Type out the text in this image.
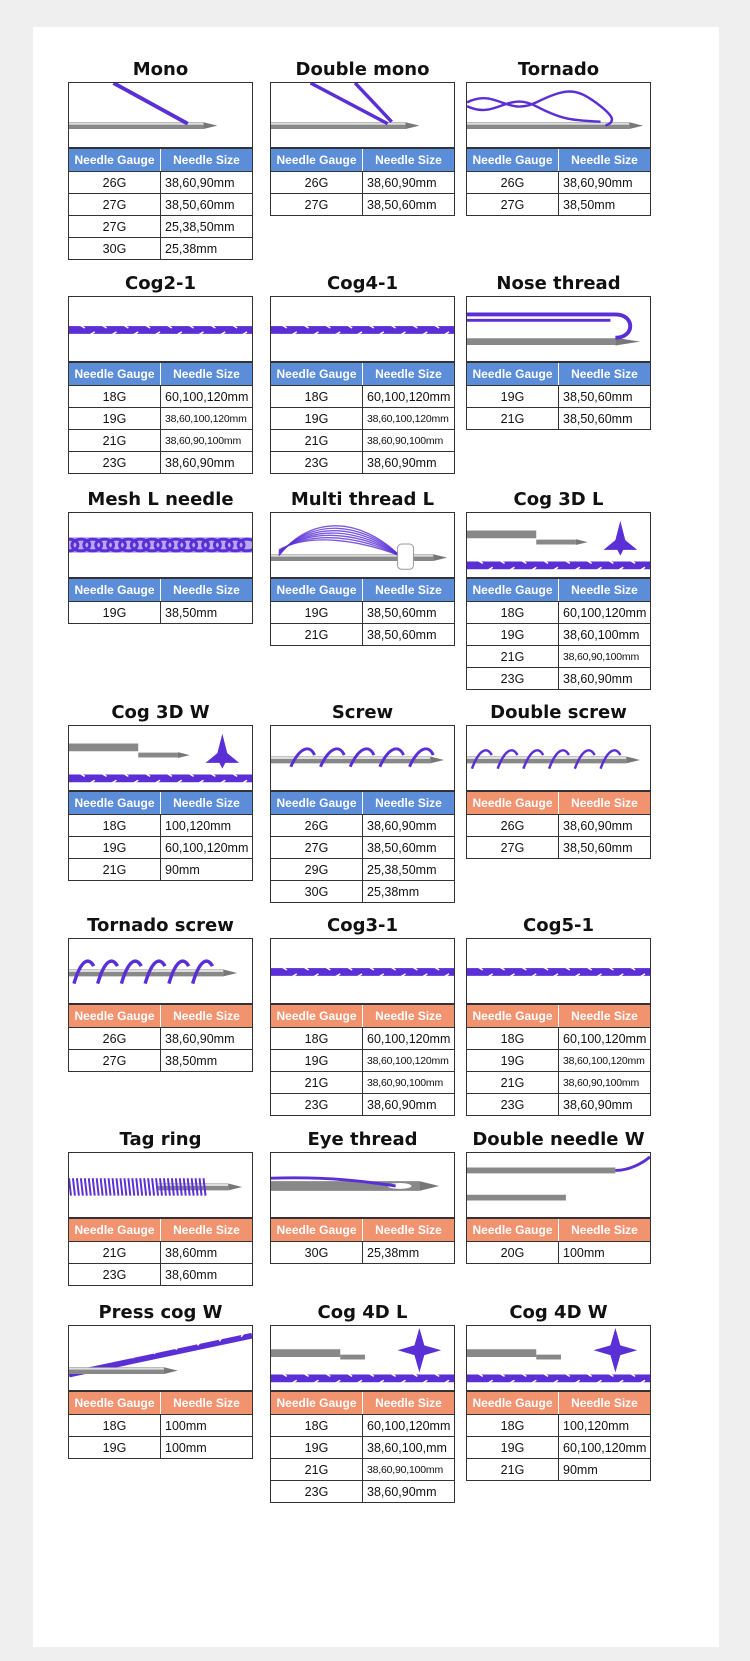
Mono
Needle Gauge	Needle Size
26G	38,60,90mm
27G	38,50,60mm
27G	25,38,50mm
30G	25,38mm
Double mono
Needle Gauge	Needle Size
26G	38,60,90mm
27G	38,50,60mm
Tornado
Needle Gauge	Needle Size
26G	38,60,90mm
27G	38,50mm
Cog2-1
Needle Gauge	Needle Size
18G	60,100,120mm
19G	38,60,100,120mm
21G	38,60,90,100mm
23G	38,60,90mm
Cog4-1
Needle Gauge	Needle Size
18G	60,100,120mm
19G	38,60,100,120mm
21G	38,60,90,100mm
23G	38,60,90mm
Nose thread
Needle Gauge	Needle Size
19G	38,50,60mm
21G	38,50,60mm
Mesh L needle
Needle Gauge	Needle Size
19G	38,50mm
Multi thread L
Needle Gauge	Needle Size
19G	38,50,60mm
21G	38,50,60mm
Cog 3D L
Needle Gauge	Needle Size
18G	60,100,120mm
19G	38,60,100mm
21G	38,60,90,100mm
23G	38,60,90mm
Cog 3D W
Needle Gauge	Needle Size
18G	100,120mm
19G	60,100,120mm
21G	90mm
Screw
Needle Gauge	Needle Size
26G	38,60,90mm
27G	38,50,60mm
29G	25,38,50mm
30G	25,38mm
Double screw
Needle Gauge	Needle Size
26G	38,60,90mm
27G	38,50,60mm
Tornado screw
Needle Gauge	Needle Size
26G	38,60,90mm
27G	38,50mm
Cog3-1
Needle Gauge	Needle Size
18G	60,100,120mm
19G	38,60,100,120mm
21G	38,60,90,100mm
23G	38,60,90mm
Cog5-1
Needle Gauge	Needle Size
18G	60,100,120mm
19G	38,60,100,120mm
21G	38,60,90,100mm
23G	38,60,90mm
Tag ring
Needle Gauge	Needle Size
21G	38,60mm
23G	38,60mm
Eye thread
Needle Gauge	Needle Size
30G	25,38mm
Double needle W
Needle Gauge	Needle Size
20G	100mm
Press cog W
Needle Gauge	Needle Size
18G	100mm
19G	100mm
Cog 4D L
Needle Gauge	Needle Size
18G	60,100,120mm
19G	38,60,100,mm
21G	38,60,90,100mm
23G	38,60,90mm
Cog 4D W
Needle Gauge	Needle Size
18G	100,120mm
19G	60,100,120mm
21G	90mm
